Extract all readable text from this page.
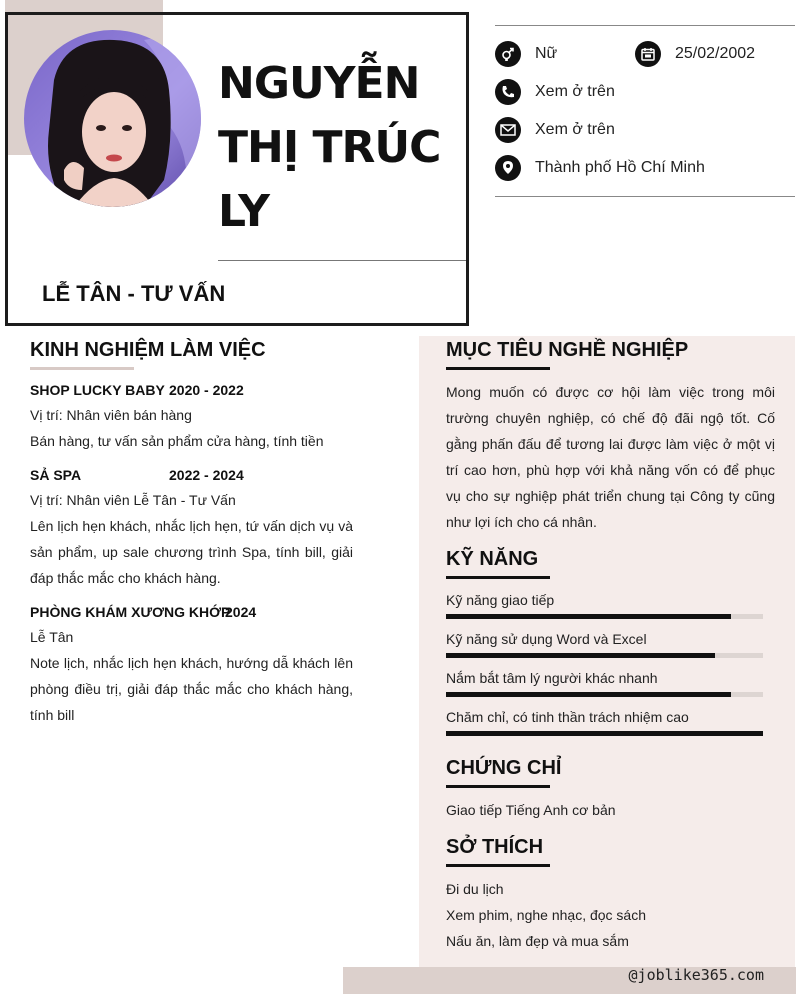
NGUYỄN THỊ TRÚC LY
LỄ TÂN - TƯ VẤN
Nữ	25/02/2002
Xem ở trên
Xem ở trên
Thành phố Hồ Chí Minh
@joblike365.com
KINH NGHIỆM LÀM VIỆC
SHOP LUCKY BABY 2020 - 2022
Vị trí: Nhân viên bán hàng
Bán hàng, tư vấn sản phẩm cửa hàng, tính tiền
SẢ SPA	2022 - 2024
Vị trí: Nhân viên Lễ Tân - Tư Vấn
Lên lịch hẹn khách, nhắc lịch hẹn, tứ vấn dịch vụ và sản phẩm, up sale chương trình Spa, tính bill, giải đáp thắc mắc cho khách hàng.
PHÒNG KHÁM XƯƠNG KHỚP
2024
Lễ Tân
Note lịch, nhắc lịch hẹn khách, hướng dẫ khách lên phòng điều trị, giải đáp thắc mắc cho khách hàng, tính bill
MỤC TIÊU NGHỀ NGHIỆP
Mong muốn có được cơ hội làm việc trong môi trường chuyên nghiệp, có chế độ đãi ngộ tốt. Cố gằng phấn đấu để tương lai được làm việc ở một vị trí cao hơn, phù hợp với khả năng vốn có để phục vụ cho sự nghiệp phát triển chung tại Công ty cũng như lợi ích cho cá nhân.
KỸ NĂNG
Kỹ năng giao tiếp
Kỹ năng sử dụng Word và Excel
Nắm bắt tâm lý người khác nhanh
Chăm chỉ, có tinh thần trách nhiệm cao
CHỨNG CHỈ
Giao tiếp Tiếng Anh cơ bản
SỞ THÍCH
Đi du lịch
Xem phim, nghe nhạc, đọc sách
Nấu ăn, làm đẹp và mua sắm
